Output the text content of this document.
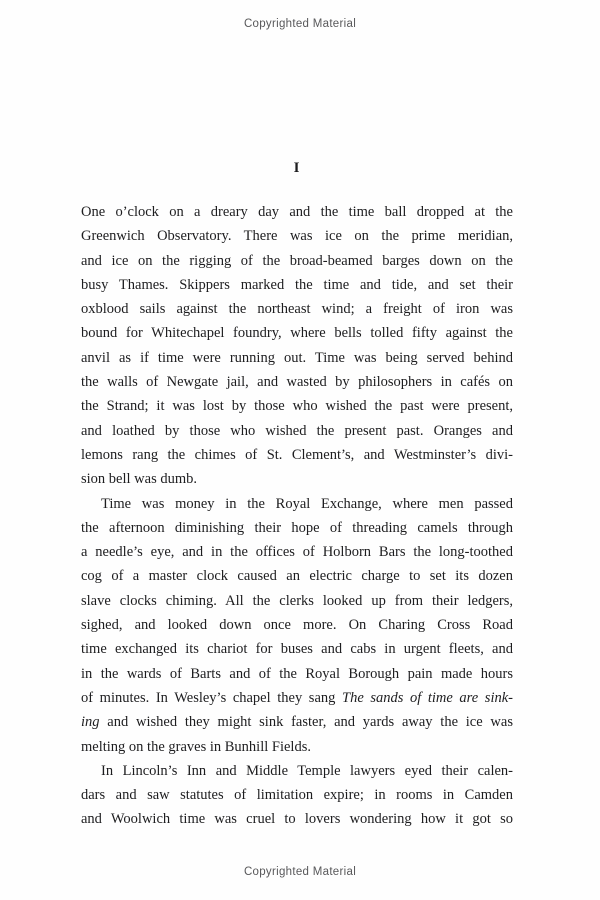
Copyrighted Material
I
One o’clock on a dreary day and the time ball dropped at the
Greenwich Observatory. There was ice on the prime meridian,
and ice on the rigging of the broad-beamed barges down on the
busy Thames. Skippers marked the time and tide, and set their
oxblood sails against the northeast wind; a freight of iron was
bound for Whitechapel foundry, where bells tolled fifty against the
anvil as if time were running out. Time was being served behind
the walls of Newgate jail, and wasted by philosophers in cafés on
the Strand; it was lost by those who wished the past were present,
and loathed by those who wished the present past. Oranges and
lemons rang the chimes of St. Clement’s, and Westminster’s divi-
sion bell was dumb.
Time was money in the Royal Exchange, where men passed
the afternoon diminishing their hope of threading camels through
a needle’s eye, and in the offices of Holborn Bars the long-toothed
cog of a master clock caused an electric charge to set its dozen
slave clocks chiming. All the clerks looked up from their ledgers,
sighed, and looked down once more. On Charing Cross Road
time exchanged its chariot for buses and cabs in urgent fleets, and
in the wards of Barts and of the Royal Borough pain made hours
of minutes. In Wesley’s chapel they sang The sands of time are sink-
ing and wished they might sink faster, and yards away the ice was
melting on the graves in Bunhill Fields.
In Lincoln’s Inn and Middle Temple lawyers eyed their calen-
dars and saw statutes of limitation expire; in rooms in Camden
and Woolwich time was cruel to lovers wondering how it got so
Copyrighted Material
